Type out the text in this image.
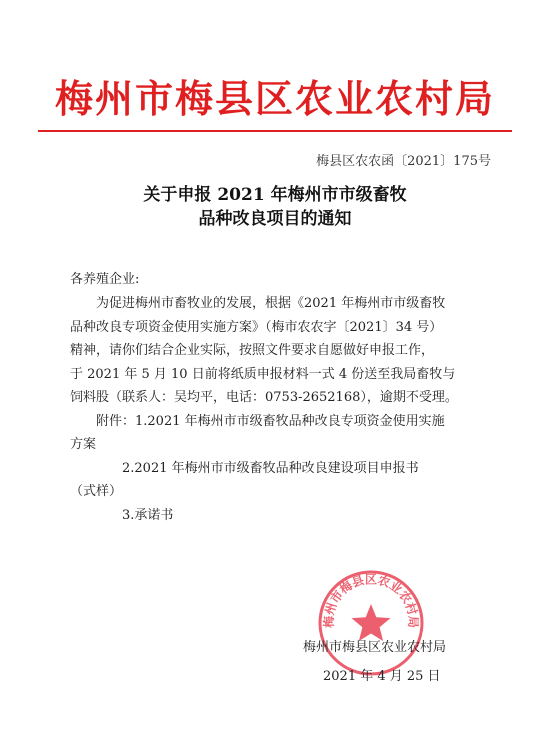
梅州市梅县区农业农村局
梅县区农农函〔2021〕175号
关于申报 2021 年梅州市市级畜牧
品种改良项目的通知
各养殖企业:
为促进梅州市畜牧业的发展，根据《2021 年梅州市市级畜牧
品种改良专项资金使用实施方案》（梅市农农字〔2021〕34 号）
精神，请你们结合企业实际，按照文件要求自愿做好申报工作，
于 2021 年 5 月 10 日前将纸质申报材料一式 4 份送至我局畜牧与
饲料股（联系人：吴均平，电话：0753-2652168），逾期不受理。
附件：1.2021 年梅州市市级畜牧品种改良专项资金使用实施
方案
2.2021 年梅州市市级畜牧品种改良建设项目申报书
（式样）
3.承诺书
梅州市梅县区农业农村局
梅州市梅县区农业农村局
2021 年 4 月 25 日
